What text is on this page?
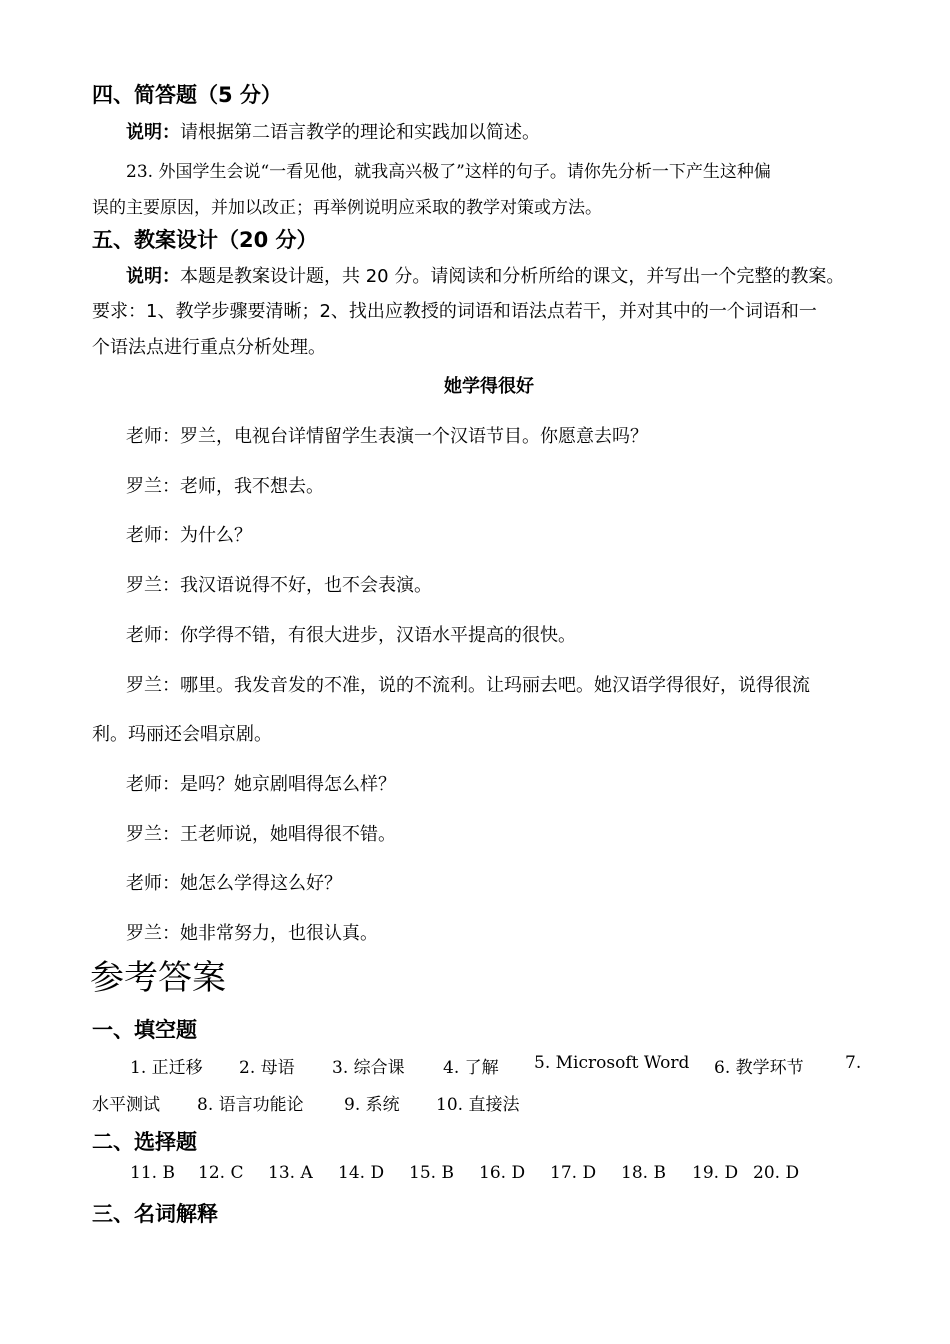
四、简答题（5 分）
说明：请根据第二语言教学的理论和实践加以简述。
23. 外国学生会说“一看见他，就我高兴极了”这样的句子。请你先分析一下产生这种偏
误的主要原因，并加以改正；再举例说明应采取的教学对策或方法。
五、教案设计（20 分）
说明：本题是教案设计题，共 20 分。请阅读和分析所给的课文，并写出一个完整的教案。
要求：1、教学步骤要清晰；2、找出应教授的词语和语法点若干，并对其中的一个词语和一
个语法点进行重点分析处理。
她学得很好
老师：罗兰，电视台详情留学生表演一个汉语节目。你愿意去吗？
罗兰：老师，我不想去。
老师：为什么？
罗兰：我汉语说得不好，也不会表演。
老师：你学得不错，有很大进步，汉语水平提高的很快。
罗兰：哪里。我发音发的不准，说的不流利。让玛丽去吧。她汉语学得很好，说得很流
利。玛丽还会唱京剧。
老师：是吗？她京剧唱得怎么样？
罗兰：王老师说，她唱得很不错。
老师：她怎么学得这么好？
罗兰：她非常努力，也很认真。
参考答案
一、填空题
1. 正迁移 2. 母语 3. 综合课 4. 了解 5. Microsoft Word 6. 教学环节 7.
水平测试 8. 语言功能论 9. 系统 10. 直接法
二、选择题
11. B 12. C 13. A 14. D 15. B 16. D 17. D 18. B 19. D 20. D
三、名词解释
